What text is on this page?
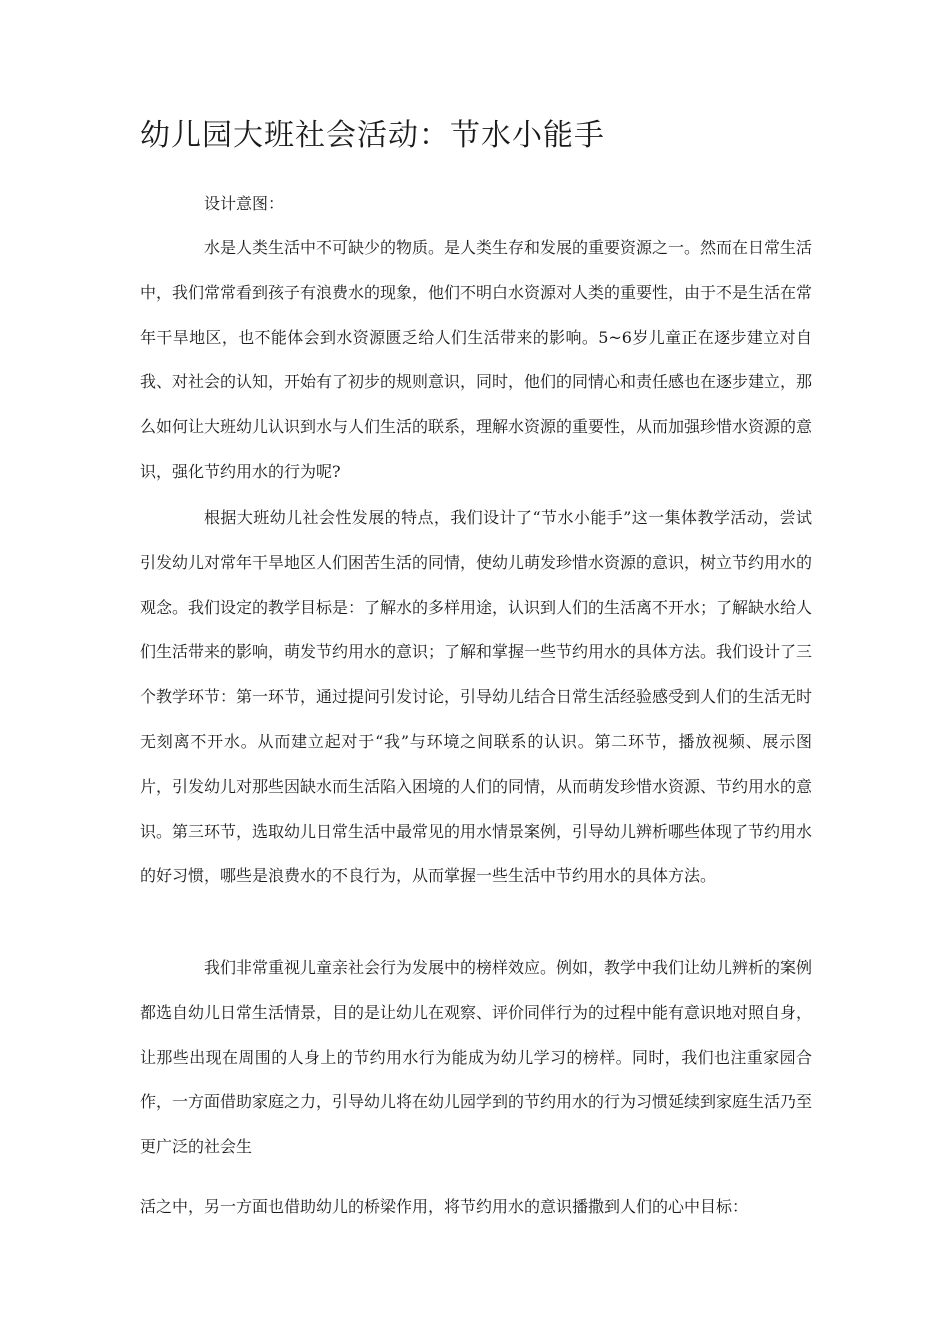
幼儿园大班社会活动：节水小能手
设计意图：

水是人类生活中不可缺少的物质。是人类生存和发展的重要资源之一。然而在日常生活中，我们常常看到孩子有浪费水的现象，他们不明白水资源对人类的重要性，由于不是生活在常年干旱地区，也不能体会到水资源匮乏给人们生活带来的影响。5~6岁儿童正在逐步建立对自我、对社会的认知，开始有了初步的规则意识，同时，他们的同情心和责任感也在逐步建立，那么如何让大班幼儿认识到水与人们生活的联系，理解水资源的重要性，从而加强珍惜水资源的意识，强化节约用水的行为呢?

根据大班幼儿社会性发展的特点，我们设计了“节水小能手”这一集体教学活动，尝试引发幼儿对常年干旱地区人们困苦生活的同情，使幼儿萌发珍惜水资源的意识，树立节约用水的观念。我们设定的教学目标是：了解水的多样用途，认识到人们的生活离不开水；了解缺水给人们生活带来的影响，萌发节约用水的意识；了解和掌握一些节约用水的具体方法。我们设计了三个教学环节：第一环节，通过提问引发讨论，引导幼儿结合日常生活经验感受到人们的生活无时无刻离不开水。从而建立起对于“我”与环境之间联系的认识。第二环节，播放视频、展示图片，引发幼儿对那些因缺水而生活陷入困境的人们的同情，从而萌发珍惜水资源、节约用水的意识。第三环节，选取幼儿日常生活中最常见的用水情景案例，引导幼儿辨析哪些体现了节约用水的好习惯，哪些是浪费水的不良行为，从而掌握一些生活中节约用水的具体方法。

我们非常重视儿童亲社会行为发展中的榜样效应。例如，教学中我们让幼儿辨析的案例都选自幼儿日常生活情景，目的是让幼儿在观察、评价同伴行为的过程中能有意识地对照自身，让那些出现在周围的人身上的节约用水行为能成为幼儿学习的榜样。同时，我们也注重家园合作，一方面借助家庭之力，引导幼儿将在幼儿园学到的节约用水的行为习惯延续到家庭生活乃至更广泛的社会生

活之中，另一方面也借助幼儿的桥梁作用，将节约用水的意识播撒到人们的心中目标：
